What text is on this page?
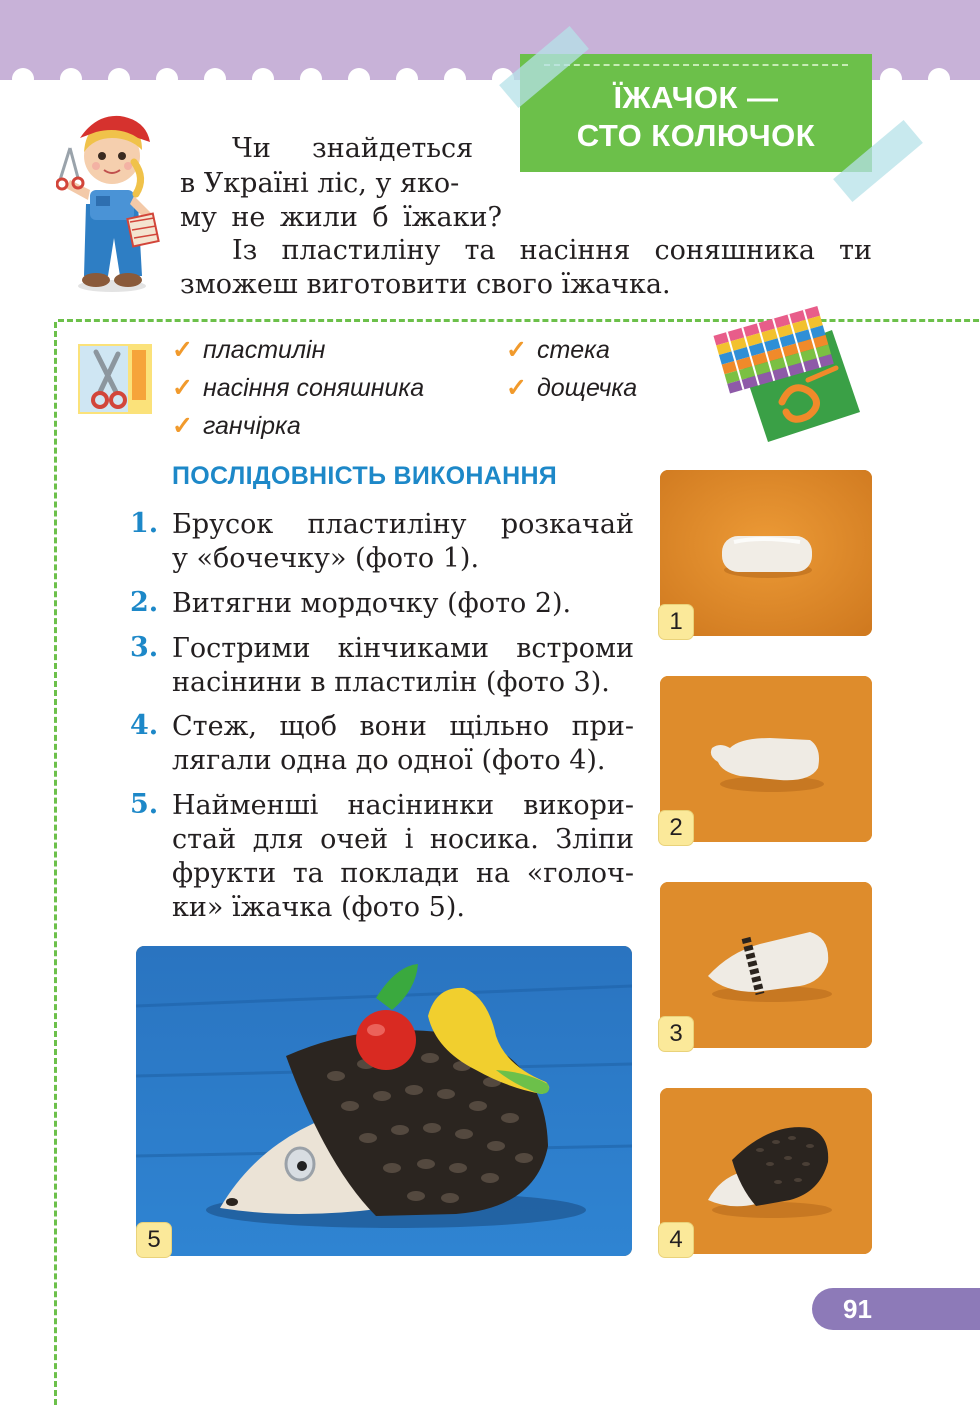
ЇЖАЧОК —
СТО КОЛЮЧОК
Чи знайдеться
в Україні ліс, у яко-
му не жили б їжаки?
Із пластиліну та насіння соняшника ти
зможеш виготовити свого їжачка.
✓ пластилін
✓ насіння соняшника
✓ ганчірка
✓ стека
✓ дощечка
ПОСЛІДОВНІСТЬ ВИКОНАННЯ
1. Брусок пластиліну розкачай
у «бочечку» (фото 1).
2. Витягни мордочку (фото 2).
3. Гострими кінчиками встроми
насінини в пластилін (фото 3).
4. Стеж, щоб вони щільно при-
лягали одна до одної (фото 4).
5. Найменші насінинки викори-
стай для очей і носика. Зліпи
фрукти та поклади на «голоч-
ки» їжачка (фото 5).
1
2
3
4
5
91
